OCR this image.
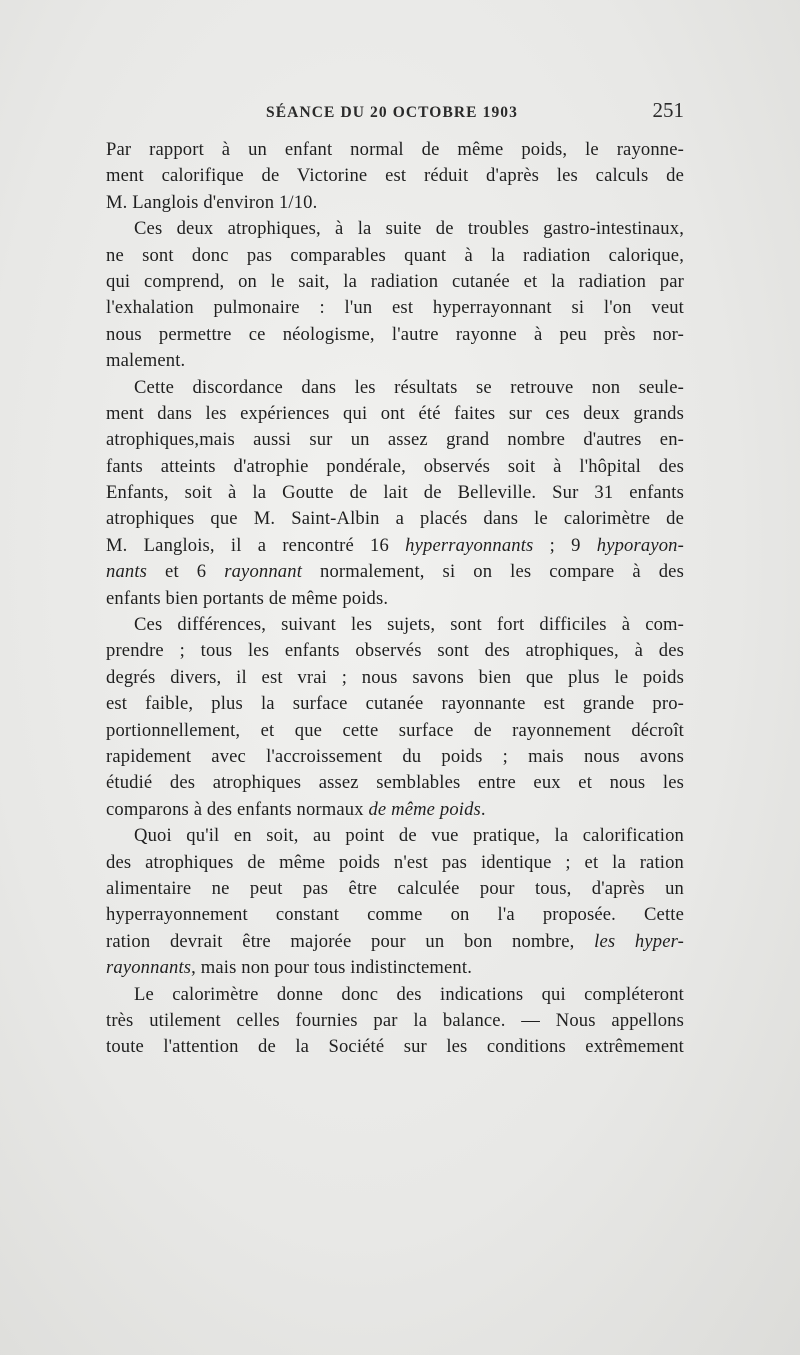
SÉANCE DU 20 OCTOBRE 1903	251
Par rapport à un enfant normal de même poids, le rayonne-
ment calorifique de Victorine est réduit d'après les calculs de
M. Langlois d'environ 1/10.
Ces deux atrophiques, à la suite de troubles gastro-intestinaux,
ne sont donc pas comparables quant à la radiation calorique,
qui comprend, on le sait, la radiation cutanée et la radiation par
l'exhalation pulmonaire : l'un est hyperrayonnant si l'on veut
nous permettre ce néologisme, l'autre rayonne à peu près nor-
malement.
Cette discordance dans les résultats se retrouve non seule-
ment dans les expériences qui ont été faites sur ces deux grands
atrophiques,mais aussi sur un assez grand nombre d'autres en-
fants atteints d'atrophie pondérale, observés soit à l'hôpital des
Enfants, soit à la Goutte de lait de Belleville. Sur 31 enfants
atrophiques que M. Saint-Albin a placés dans le calorimètre de
M. Langlois, il a rencontré 16 hyperrayonnants ; 9 hyporayon-
nants et 6 rayonnant normalement, si on les compare à des
enfants bien portants de même poids.
Ces différences, suivant les sujets, sont fort difficiles à com-
prendre ; tous les enfants observés sont des atrophiques, à des
degrés divers, il est vrai ; nous savons bien que plus le poids
est faible, plus la surface cutanée rayonnante est grande pro-
portionnellement, et que cette surface de rayonnement décroît
rapidement avec l'accroissement du poids ; mais nous avons
étudié des atrophiques assez semblables entre eux et nous les
comparons à des enfants normaux de même poids.
Quoi qu'il en soit, au point de vue pratique, la calorification
des atrophiques de même poids n'est pas identique ; et la ration
alimentaire ne peut pas être calculée pour tous, d'après un
hyperrayonnement constant comme on l'a proposée. Cette
ration devrait être majorée pour un bon nombre, les hyper-
rayonnants, mais non pour tous indistinctement.
Le calorimètre donne donc des indications qui compléteront
très utilement celles fournies par la balance. — Nous appellons
toute l'attention de la Société sur les conditions extrêmement
